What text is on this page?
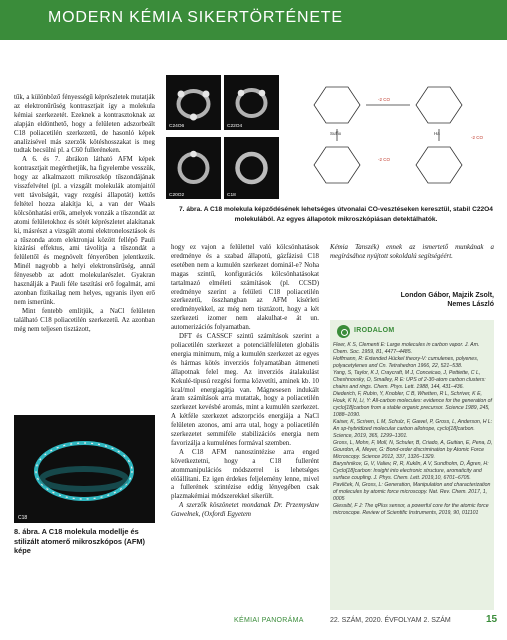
MODERN KÉMIA SIKERTÖRTÉNETE

tűk, a különböző fényességű képrészletek mutatják az elektronűrűség kontrasztjait így a molekula kémiai szerkezetét. Ezeknek a kontrasztoknak az alapján eldönthető, hogy a felületen adszorbeált C18 poliacetilén szerkezetű, de hasonló képek analízisével más szerzők kötéshosszakat is meg tudtak becsülni pl. a C60 fulleréneken.

A 6. és 7. ábrákon látható AFM képek kontrasztjait megérthetjük, ha figyelembe vesszük, hogy az alkalmazott mikroszkóp tűszondájának visszfelvétel (pl. a vizsgált molekulák atomjaitól vett távolságát, vagy rezgési állapotát) kettős feltétel hozza alakítja ki, a van der Waals kölcsönhatási erők, amelyek vonzák a tűszondát az atomi felületokhoz és sötét képrészletet alakítanak ki, másrészt a vizsgált atomi elektronelosztások és a tűszonda atom elektronjai között fellépő Pauli kizárási effektus, ami távolítja a tűszondát a felülettől és megnövelt fényerőben jelentkezik. Minél nagyobb a helyi elektronsűrűség, annál fényesebb az adott molekularészlet. Gyakran használják a Pauli féle taszítási erő fogalmát, ami azonban fizikailag nem helyes, ugyanis ilyen erő nem ismerünk.

Mint fentebb említjük, a NaCl felületen található C18 poliacetilén szerkezetű. Az azonban még nem teljesen tisztázott,

C24O6	C22O4
C20O2	C18
Suffix	Ha
-2 CO
-2 CO
-2 CO
7. ábra. A C18 molekula képződésének lehetséges útvonalai CO-vesztéseken keresztül, stabil C22O4 molekulából. Az egyes állapotok mikroszkópiásan detektálhatók.
C18
8. ábra. A C18 molekula modellje és stilizált atomerő mikroszkópos (AFM) képe

hogy ez vajon a felülettel való kölcsönhatások eredménye és a szabad állapotú, gázfázisú C18 esetében nem a kumulén szerkezet dominál-e? Noha magas szintű, konfigurációs kölcsönhatásokat tartalmazó elméleti számítások (pl. CCSD) eredménye szerint a felületi C18 poliacetilén szerkezetű, összhangban az AFM kísérleti eredményekkel, az még nem tisztázott, hogy a két szerkezeti izomer nem alakulhat-e át un. automerizációs folyamatban.

DFT és CASSCF szintű számítások szerint a poliacetilén szerkezet a potenciálfelületen globális energia minimum, míg a kumulén szerkezet az egyes és hármas kötés inverziós folyamatában átmeneti állapotnak felel meg. Az inverziós átalakulást Kekulé-típusú rezgési forma közvetíti, aminek kb. 10 kcal/mol energiagátja van. Mágnesesen indukált áram számítások arra mutattak, hogy a poliacetilén szerkezet kevésbé aromás, mint a kumulén szerkezet. A kétféle szerkezet adszorpciós energiája a NaCl felületen azonos, ami arra utal, hogy a poliacetilén szerkezetet semmiféle stabilizációs energia nem favorizálja a kumulénes formával szemben.

A C18 AFM nanoszintézise arra enged következtetni, hogy a C18 fullerént atommanipulációs módszerrel is lehetséges előállítani. Ez igen érdekes feljelemény lenne, mivel a fullerének szintézise eddig lényegében csak plazmakémiai módszerekkel sikerült.

A szerzők köszönetet mondanak Dr. Przemysław Gawełnek, (Oxfordi Egyetem

Kémia Tanszék) ennek az ismertető munkának a megírásához nyújtott sokoldalú segítségéért.

London Gábor, Majzik Zsolt,
Nemes László
IRODALOM

Fleer, K S, Clementi E: Large molecules in carbon vapor. J. Am. Chem. Soc. 1959, 81, 4477–4485.

Hoffmann, R: Extended Hückel theory-V: cumulenes, polyenes, polyacetylenes and Cn. Tetrahedron 1966, 22, 521–538.

Yang, S, Taylor, K J, Craycraft, M J, Conceicao, J, Pettiette, C L, Cheshnovsky, O, Smalley, R E: UPS of 2-30-atom carbon clusters: chains and rings. Chem. Phys. Lett. 1988, 144, 431–436.

Diederich, F, Rubin, Y, Knobler, C B, Whetten, R L, Schriver, K E, Houk, K N, Li, Y: All-carbon molecules: evidence for the generation of cyclo[18]carbon from a stable organic precursor. Science 1989, 245, 1088–1090.

Kaiser, K, Scriven, L M, Schulz, F, Gawel, P, Gross, L, Anderson, H L: An sp-hybridized molecular carbon allotrope, cyclo[18]carbon. Science, 2019, 365, 1299–1301.

Gross, L, Mohn, F, Moll, N, Schuler, B, Criado, A, Guitian, E, Pena, D, Gourdon, A, Meyer, G: Bond-order discrimination by Atomic Force Microscopy. Science 2012, 337, 1326–1329.

Baryshnikov, G, V, Valiev, R, R, Kuklin, A V, Sundholm, D, Ågren, H: Cyclo[18]carbon: Insight into electronic structure, aromaticity and surface coupling. J. Phys. Chem. Lett. 2019,10, 6701–6705.

Pavliček, N, Gross, L: Generation, Manipulation and characterization of molecules by atomic force microscopy. Nat. Rev. Chem. 2017, 1, 0005

Giessibl, F J: The qPlus sensor, a powerful core for the atomic force microscope. Review of Scientific Instruments, 2019, 90, 011101

KÉMIAI PANORÁMA	22. SZÁM, 2020. ÉVFOLYAM 2. SZÁM	15
